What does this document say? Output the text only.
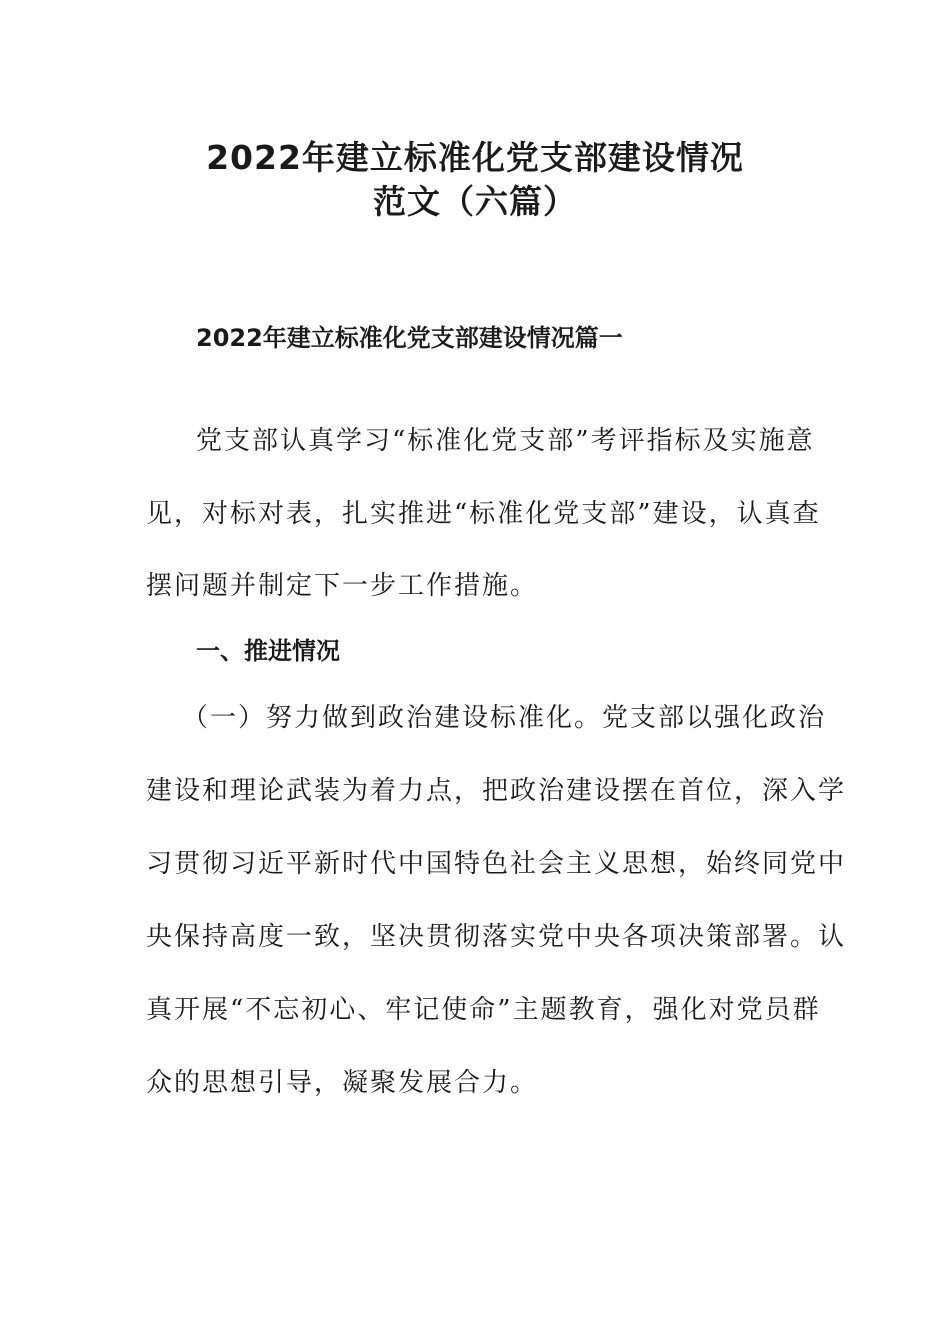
2022年建立标准化党支部建设情况
范文（六篇）
2022年建立标准化党支部建设情况篇一
党支部认真学习“标准化党支部”考评指标及实施意
见，对标对表，扎实推进“标准化党支部”建设，认真查
摆问题并制定下一步工作措施。
一、推进情况
（一）努力做到政治建设标准化。党支部以强化政治
建设和理论武装为着力点，把政治建设摆在首位，深入学
习贯彻习近平新时代中国特色社会主义思想，始终同党中
央保持高度一致，坚决贯彻落实党中央各项决策部署。认
真开展“不忘初心、牢记使命”主题教育，强化对党员群
众的思想引导，凝聚发展合力。
